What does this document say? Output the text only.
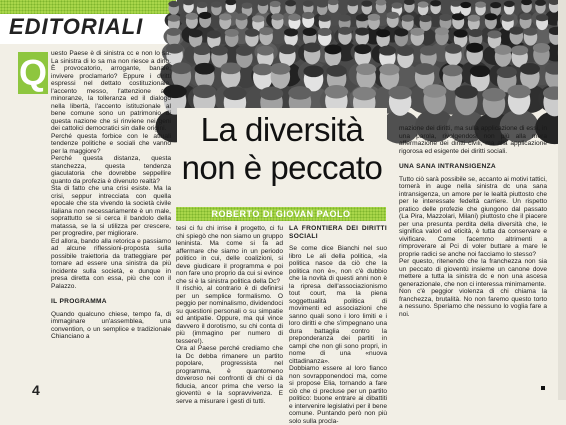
EDITORIALI
La diversità
non è peccato
ROBERTO DI GIOVAN PAOLO
Q uesto Paese è di sinistra cc e non lo sa. La sinistra di lo sa ma non riesce a dirlo. È provocatorio, arrogante, banale, invivere proclamarlo? Eppure i diritti espressi nel dettato costituzionale, l'accento messo, l'attenzione alle minoranze, la tolleranza ed il dialogo nella libertà, l'accento istituzionale al bene comune sono un patrimonio di questa nazione che si rinviene nei geni dei cattolici democratici sin dalle origini.

Perché questa forbice con le attuali tendenze politiche e sociali che vanno per la maggiore?

Perché questa distanza, questa stanchezza, questa tendenza giaculatoria che dovrebbe seppellire quanto da profezia è divenuto realtà?

Sta di fatto che una crisi esiste. Ma la crisi, seppur intrecciata con quella epocale che sta vivendo la società civile italiana non necessariamente è un male, soprattutto se si cerca il bandolo della matassa, se la si utilizza per crescere, per progredire, per migliorare.

Ed allora, bando alla retorica e passiamo ad alcune riflessioni-proposta sulla possibile traiettoria da tratteggiare per tornare ad essere una sinistra da più incidente sulla società, e dunque in presa diretta con essa, più che con il Palazzo.

IL PROGRAMMA

Quando qualcuno chiese, tempo fa, di immaginare un'assemblea, una convention, o un semplice e tradizionale Chianciano a

tesi ci fu chi irrise il progetto, ci fu chi spiegò che non siamo un gruppo leninista. Ma come si fa ad affermare che siamo in un periodo politico in cui, delle coalizioni, si deve giudicare il programma e poi non fare uno proprio da cui si evince che si è la sinistra politica della Dc?

Il rischio, al contrario è di definirsi per un semplice formalismo. O peggio per nominalismo, dividendoci su questioni personali o su simpatie ed antipatie. Oppure, ma qui vince davvero il dorotismo, su chi conta di più (immagino per numero di tessere!).

Ora al Paese perché crediamo che la Dc debba rimanere un partito popolare, progressista nel programma, è quantomeno doveroso nei confronti di chi ci dà fiducia, ancor prima che verso la gioventù e la sopravvivenza. E serve a misurare i gesti di tutti.

LA FRONTIERA DEI DIRITTI SOCIALI

Se come dice Bianchi nel suo libro Le ali della politica, «la politica nasce da ciò che la politica non è», non c'è dubbio che la novità di questi anni non è la ripresa dell'associazionismo tout court, ma la piena soggettualità politica di movimenti ed associazioni che sanno quali sono i loro limiti e i loro diritti e che s'impegnano una dura battaglia contro la preponderanza dei partiti in campi che non gli sono propri, in nome di una «nuova cittadinanza».

Dobbiamo essere al loro fianco non sovrapponendoci ma, come si propose Elia, tornando a fare ciò che ci precluse per un partito politico: buone entrare ai dibattiti e intervenire legislativi per il bene comune. Puntando però non più solo sulla procla-

mazione dei diritti, ma sulla applicazione di essi, in una parola, rivolgendosi non più alla mera affermazione dei diritti civili, ma alla applicazione rigorosa ed esigente dei diritti sociali.

UNA SANA INTRANSIGENZA

Tutto ciò sarà possibile se, accanto ai motivi tattici, tornerà in auge nella sinistra dc una sana intransigenza, un amore per le lealtà piuttosto che per le interessate fedeltà carriere. Un rispetto pratico delle profezie che giungono dal passato (La Pira, Mazzolari, Milani) piuttosto che il piacere per una presunta perdita della diversità che, le significa valori ed eticità, è tutta da conservare e vivificare. Come facemmo altrimenti a rimproverare al Pci di voler buttare a mare le proprie radici se anche noi facciamo lo stesso?

Per questo, ritenendo che la franchezza non sia un peccato di gioventù insieme un canone dove mettere a tutta la sinistra dc e non una ascesa generazionale, che non ci interessa minimamente.

Non c'è peggior violenza di chi chiama la franchezza, brutalità. No non faremo questo torto a nessuno. Speriamo che nessuno lo voglia fare a noi.

4
